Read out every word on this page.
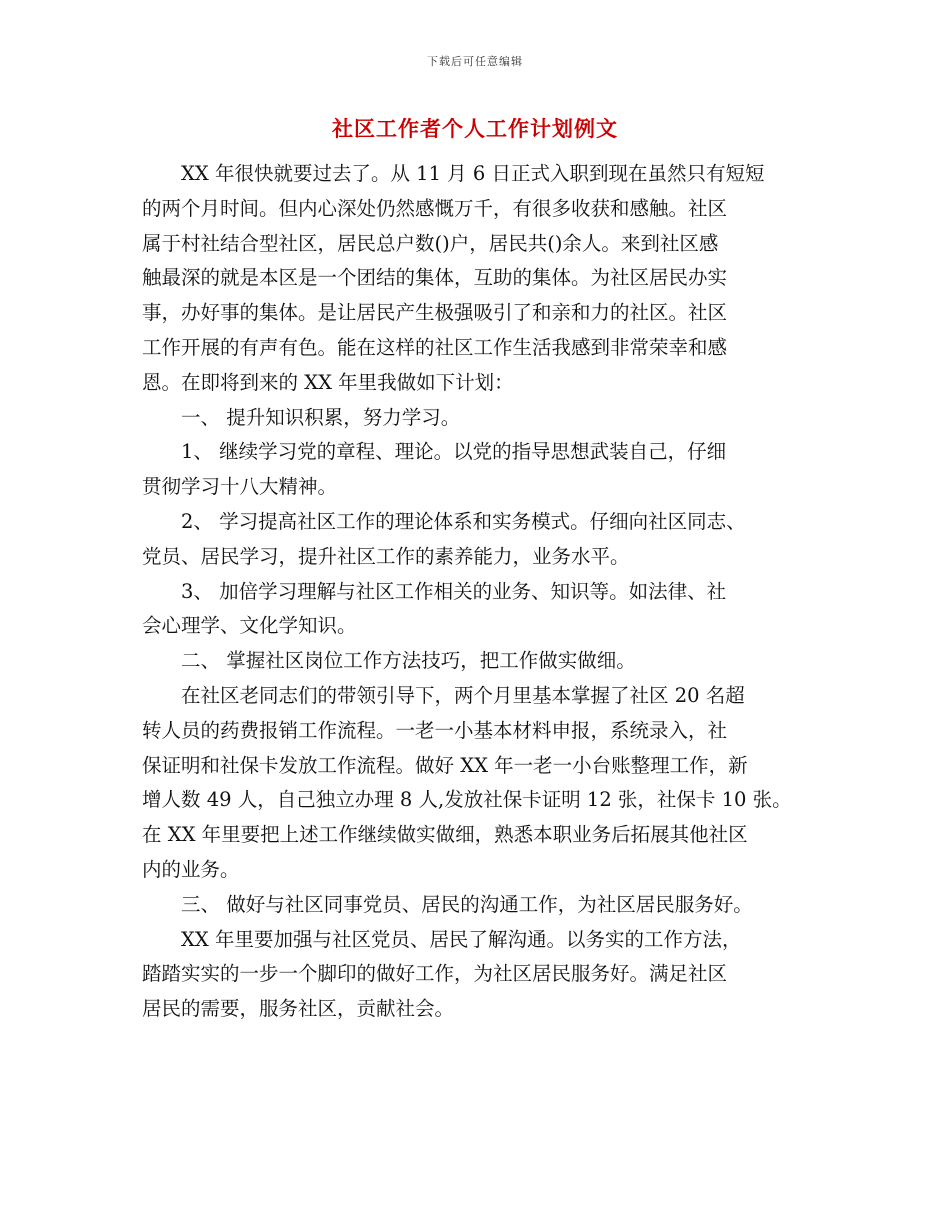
下载后可任意编辑
社区工作者个人工作计划例文

XX 年很快就要过去了。从 11 月 6 日正式入职到现在虽然只有短短
的两个月时间。但内心深处仍然感慨万千，有很多收获和感触。社区
属于村社结合型社区，居民总户数()户，居民共()余人。来到社区感
触最深的就是本区是一个团结的集体，互助的集体。为社区居民办实
事，办好事的集体。是让居民产生极强吸引了和亲和力的社区。社区
工作开展的有声有色。能在这样的社区工作生活我感到非常荣幸和感
恩。在即将到来的 XX 年里我做如下计划：

一、 提升知识积累，努力学习。

1、 继续学习党的章程、理论。以党的指导思想武装自己，仔细
贯彻学习十八大精神。

2、 学习提高社区工作的理论体系和实务模式。仔细向社区同志、
党员、居民学习，提升社区工作的素养能力，业务水平。

3、 加倍学习理解与社区工作相关的业务、知识等。如法律、社
会心理学、文化学知识。

二、 掌握社区岗位工作方法技巧，把工作做实做细。

在社区老同志们的带领引导下，两个月里基本掌握了社区 20 名超
转人员的药费报销工作流程。一老一小基本材料申报，系统录入，社
保证明和社保卡发放工作流程。做好 XX 年一老一小台账整理工作，新
增人数 49 人，自己独立办理 8 人,发放社保卡证明 12 张，社保卡 10 张。
在 XX 年里要把上述工作继续做实做细，熟悉本职业务后拓展其他社区
内的业务。

三、 做好与社区同事党员、居民的沟通工作，为社区居民服务好。

XX 年里要加强与社区党员、居民了解沟通。以务实的工作方法，
踏踏实实的一步一个脚印的做好工作，为社区居民服务好。满足社区
居民的需要，服务社区，贡献社会。
